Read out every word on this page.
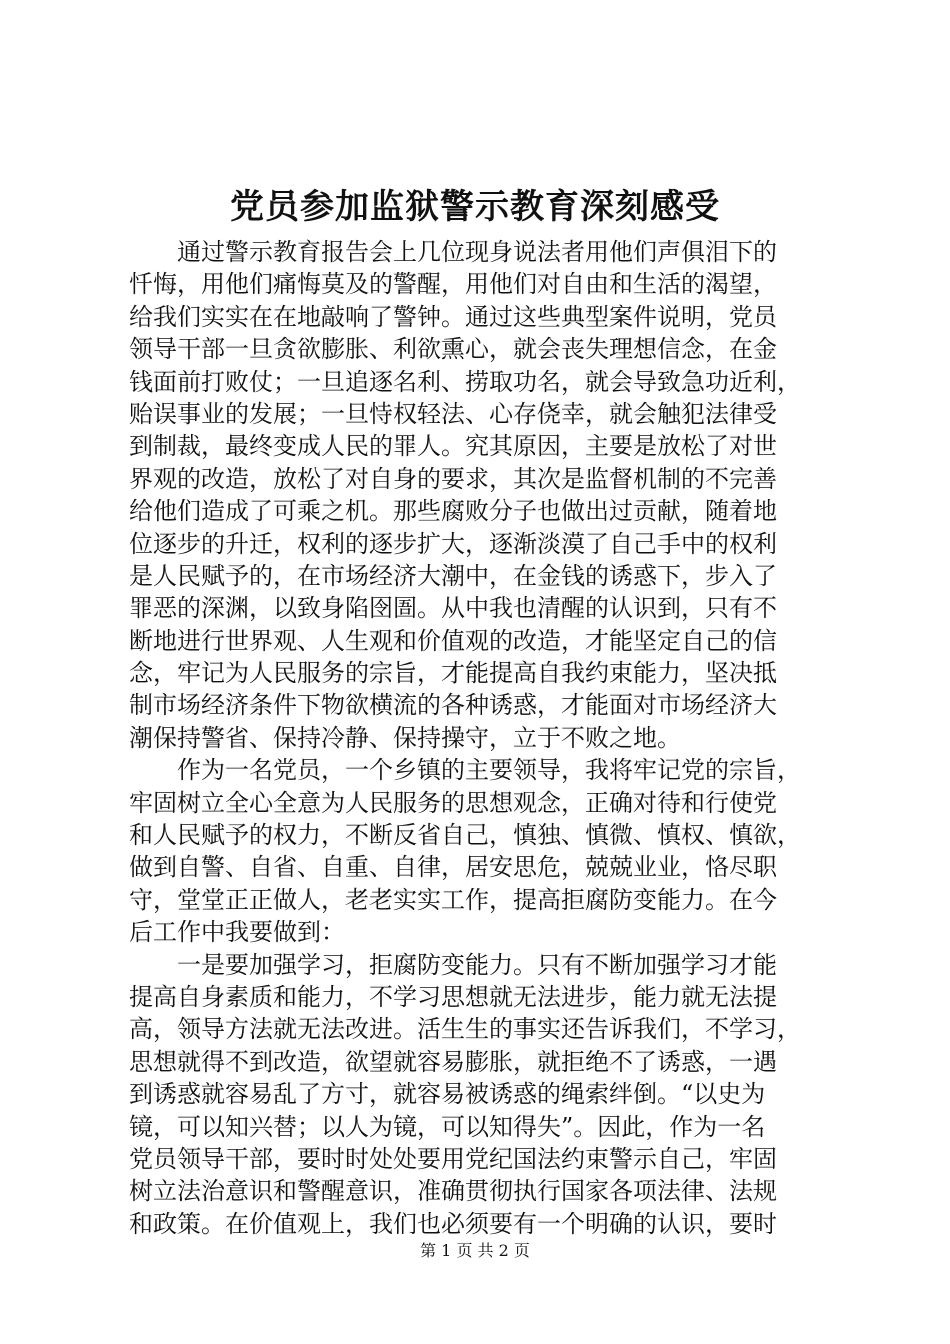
党员参加监狱警示教育深刻感受
　　通过警示教育报告会上几位现身说法者用他们声俱泪下的
忏悔，用他们痛悔莫及的警醒，用他们对自由和生活的渴望，
给我们实实在在地敲响了警钟。通过这些典型案件说明，党员
领导干部一旦贪欲膨胀、利欲熏心，就会丧失理想信念，在金
钱面前打败仗；一旦追逐名利、捞取功名，就会导致急功近利，
贻误事业的发展；一旦恃权轻法、心存侥幸，就会触犯法律受
到制裁，最终变成人民的罪人。究其原因，主要是放松了对世
界观的改造，放松了对自身的要求，其次是监督机制的不完善
给他们造成了可乘之机。那些腐败分子也做出过贡献，随着地
位逐步的升迁，权利的逐步扩大，逐渐淡漠了自己手中的权利
是人民赋予的，在市场经济大潮中，在金钱的诱惑下，步入了
罪恶的深渊，以致身陷囹圄。从中我也清醒的认识到，只有不
断地进行世界观、人生观和价值观的改造，才能坚定自己的信
念，牢记为人民服务的宗旨，才能提高自我约束能力，坚决抵
制市场经济条件下物欲横流的各种诱惑，才能面对市场经济大
潮保持警省、保持冷静、保持操守，立于不败之地。
　　作为一名党员，一个乡镇的主要领导，我将牢记党的宗旨，
牢固树立全心全意为人民服务的思想观念，正确对待和行使党
和人民赋予的权力，不断反省自己，慎独、慎微、慎权、慎欲，
做到自警、自省、自重、自律，居安思危，兢兢业业，恪尽职
守，堂堂正正做人，老老实实工作，提高拒腐防变能力。在今
后工作中我要做到：
　　一是要加强学习，拒腐防变能力。只有不断加强学习才能
提高自身素质和能力，不学习思想就无法进步，能力就无法提
高，领导方法就无法改进。活生生的事实还告诉我们，不学习，
思想就得不到改造，欲望就容易膨胀，就拒绝不了诱惑，一遇
到诱惑就容易乱了方寸，就容易被诱惑的绳索绊倒。“以史为
镜，可以知兴替；以人为镜，可以知得失”。因此，作为一名
党员领导干部，要时时处处要用党纪国法约束警示自己，牢固
树立法治意识和警醒意识，准确贯彻执行国家各项法律、法规
和政策。在价值观上，我们也必须要有一个明确的认识，要时
第 1 页 共 2 页
